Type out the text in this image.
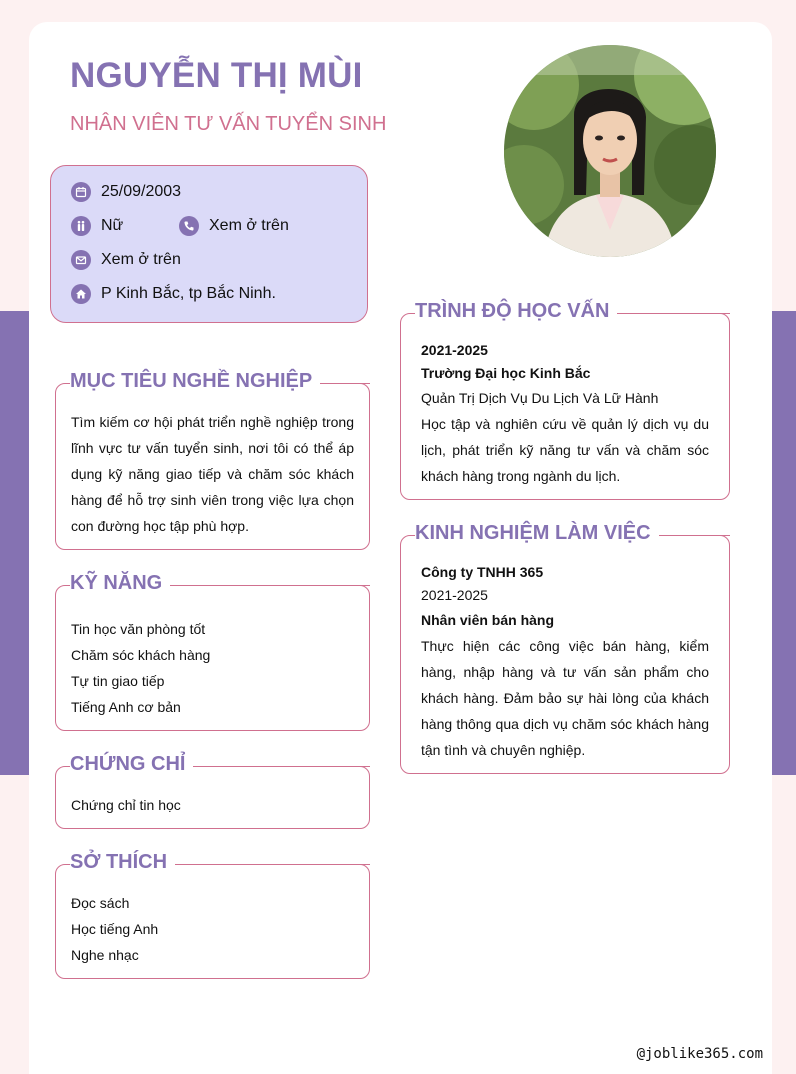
NGUYỄN THỊ MÙI
NHÂN VIÊN TƯ VẤN TUYỂN SINH
25/09/2003
Nữ	Xem ở trên
Xem ở trên
P Kinh Bắc, tp Bắc Ninh.
MỤC TIÊU NGHỀ NGHIỆP
Tìm kiếm cơ hội phát triển nghề nghiệp trong lĩnh vực tư vấn tuyển sinh, nơi tôi có thể áp dụng kỹ năng giao tiếp và chăm sóc khách hàng để hỗ trợ sinh viên trong việc lựa chọn con đường học tập phù hợp.
KỸ NĂNG
Tin học văn phòng tốt
Chăm sóc khách hàng
Tự tin giao tiếp
Tiếng Anh cơ bản
CHỨNG CHỈ
Chứng chỉ tin học
SỞ THÍCH
Đọc sách
Học tiếng Anh
Nghe nhạc
TRÌNH ĐỘ HỌC VẤN
2021-2025
Trường Đại học Kinh Bắc
Quản Trị Dịch Vụ Du Lịch Và Lữ Hành
Học tập và nghiên cứu về quản lý dịch vụ du lịch, phát triển kỹ năng tư vấn và chăm sóc khách hàng trong ngành du lịch.
KINH NGHIỆM LÀM VIỆC
Công ty TNHH 365
2021-2025
Nhân viên bán hàng
Thực hiện các công việc bán hàng, kiểm hàng, nhập hàng và tư vấn sản phẩm cho khách hàng. Đảm bảo sự hài lòng của khách hàng thông qua dịch vụ chăm sóc khách hàng tận tình và chuyên nghiệp.
@joblike365.com
